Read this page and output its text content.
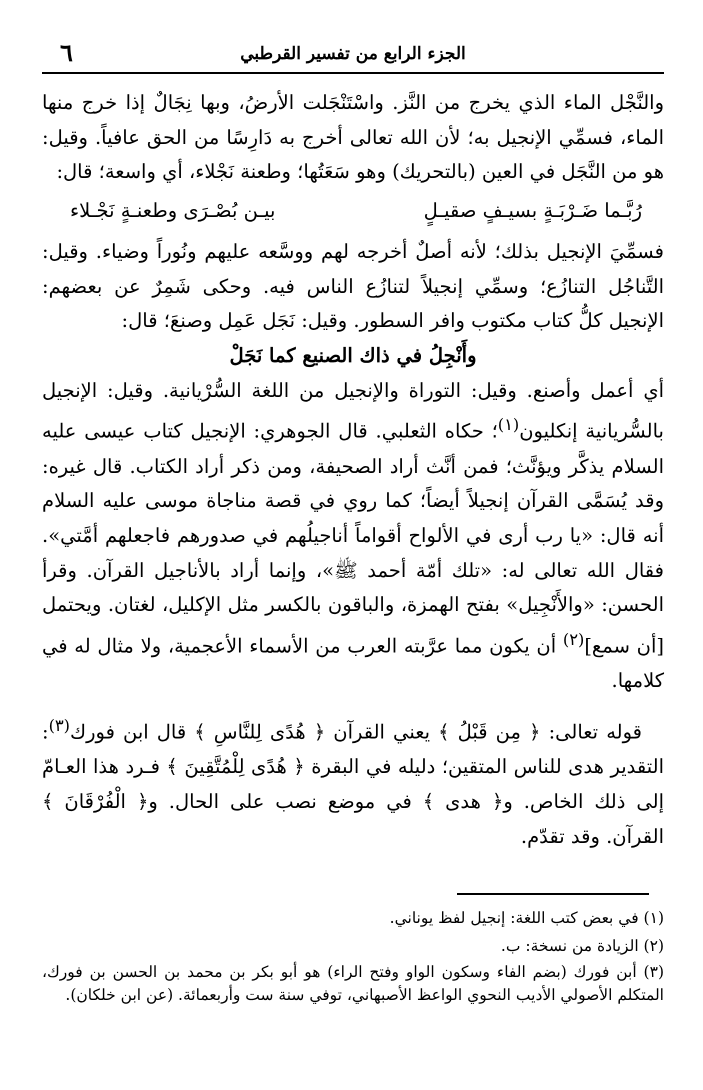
٦	الجزء الرابع من تفسير القرطبي

والنَّجْل الماء الذي يخرج من النَّز. واسْتَنْجَلت الأرضُ، وبها نِجَالٌ إذا خرج منها الماء، فسمِّي الإنجيل به؛ لأن الله تعالى أخرج به دَارِسًا من الحق عافياً. وقيل: هو من النَّجَل في العين (بالتحريك) وهو سَعَتُها؛ وطعنة نَجْلاء، أي واسعة؛ قال:

رُبَّـما ضَـرْبَـةٍ بسيـفٍ صقيـلٍ
بيـن بُصْـرَى وطعنـةٍ نَجْـلاء

فسمِّيَ الإنجيل بذلك؛ لأنه أصلٌ أخرجه لهم ووسَّعه عليهم ونُوراً وضياء. وقيل: التَّناجُل التنازُع؛ وسمِّي إنجيلاً لتنازُع الناس فيه. وحكى شَمِرٌ عن بعضهم: الإنجيل كلُّ كتاب مكتوب وافر السطور. وقيل: نَجَل عَمِل وصنعَ؛ قال:

وأَنْجِلُ في ذاك الصنيع كما نَجَلْ

أي أعمل وأصنع. وقيل: التوراة والإنجيل من اللغة السُّرْيانية. وقيل: الإنجيل بالسُّريانية إنكليون$^{(١)}$؛ حكاه الثعلبي. قال الجوهري: الإنجيل كتاب عيسى عليه السلام يذكَّر ويؤنَّث؛ فمن أنَّث أراد الصحيفة، ومن ذكر أراد الكتاب. قال غيره: وقد يُسَمَّى القرآن إنجيلاً أيضاً؛ كما روي في قصة مناجاة موسى عليه السلام أنه قال: «يا رب أرى في الألواح أقواماً أناجيلُهم في صدورهم فاجعلهم أمَّتي». فقال الله تعالى له: «تلك أمّة أحمد ﷺ»، وإنما أراد بالأناجيل القرآن. وقرأ الحسن: «والأَنْجِيل» بفتح الهمزة، والباقون بالكسر مثل الإكليل، لغتان. ويحتمل [أن سمع]$^{(٢)}$ أن يكون مما عرَّبته العرب من الأسماء الأعجمية، ولا مثال له في كلامها.

قوله تعالى: ﴿ مِن قَبْلُ ﴾ يعني القرآن ﴿ هُدًى لِلنَّاسِ ﴾ قال ابن فورك$^{(٣)}$: التقدير هدى للناس المتقين؛ دليله في البقرة ﴿ هُدًى لِلْمُتَّقِينَ ﴾ فـرد هذا العـامّ إلى ذلك الخاص. و﴿ هدى ﴾ في موضع نصب على الحال. و﴿ الْفُرْقَانَ ﴾ القرآن. وقد تقدّم.

(١) في بعض كتب اللغة: إنجيل لفظ يوناني.

(٢) الزيادة من نسخة: ب.

(٣) أبن فورك (بضم الفاء وسكون الواو وفتح الراء) هو أبو بكر بن محمد بن الحسن بن فورك، المتكلم الأصولي الأديب النحوي الواعظ الأصبهاني، توفي سنة ست وأربعمائة. (عن ابن خلكان).
